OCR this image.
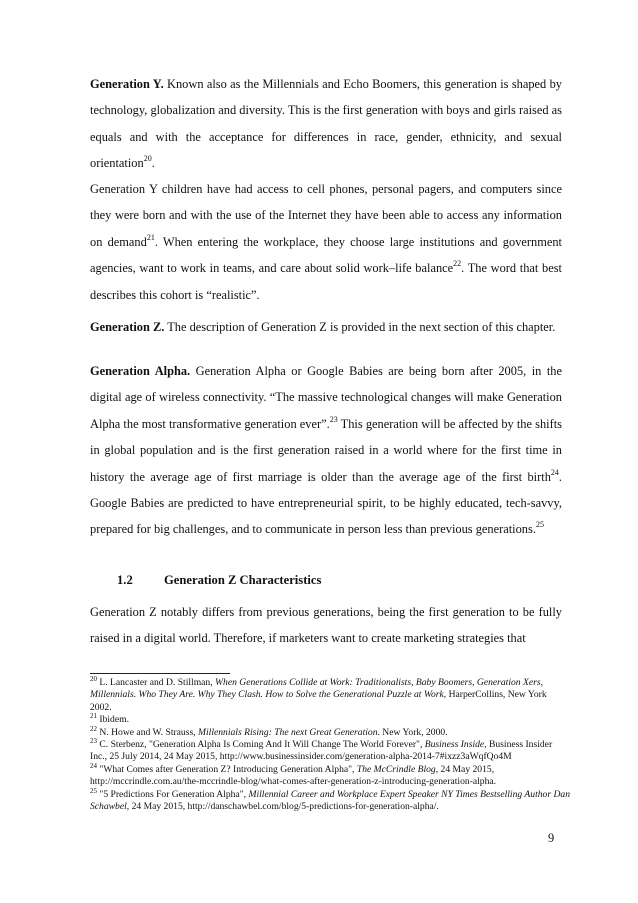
Generation Y. Known also as the Millennials and Echo Boomers, this generation is shaped by technology, globalization and diversity. This is the first generation with boys and girls raised as equals and with the acceptance for differences in race, gender, ethnicity, and sexual orientation$^{20}$.

Generation Y children have had access to cell phones, personal pagers, and computers since they were born and with the use of the Internet they have been able to access any information on demand$^{21}$. When entering the workplace, they choose large institutions and government agencies, want to work in teams, and care about solid work–life balance$^{22}$. The word that best describes this cohort is “realistic”.

Generation Z. The description of Generation Z is provided in the next section of this chapter.

Generation Alpha. Generation Alpha or Google Babies are being born after 2005, in the digital age of wireless connectivity. “The massive technological changes will make Generation Alpha the most transformative generation ever”.$^{23}$ This generation will be affected by the shifts in global population and is the first generation raised in a world where for the first time in history the average age of first marriage is older than the average age of the first birth$^{24}$. Google Babies are predicted to have entrepreneurial spirit, to be highly educated, tech-savvy, prepared for big challenges, and to communicate in person less than previous generations.$^{25}$

1.2 Generation Z Characteristics

Generation Z notably differs from previous generations, being the first generation to be fully raised in a digital world. Therefore, if marketers want to create marketing strategies that

$^{20}$ L. Lancaster and D. Stillman, When Generations Collide at Work: Traditionalists, Baby Boomers, Generation Xers, Millennials. Who They Are. Why They Clash. How to Solve the Generational Puzzle at Work, HarperCollins, New York 2002.

$^{21}$ Ibidem.

$^{22}$ N. Howe and W. Strauss, Millennials Rising: The next Great Generation. New York, 2000.

$^{23}$ C. Sterbenz, "Generation Alpha Is Coming And It Will Change The World Forever", Business Inside, Business Insider Inc., 25 July 2014, 24 May 2015, http://www.businessinsider.com/generation-alpha-2014-7#ixzz3aWqfQo4M

$^{24}$ "What Comes after Generation Z? Introducing Generation Alpha", The McCrindle Blog, 24 May 2015, http://mccrindle.com.au/the-mccrindle-blog/what-comes-after-generation-z-introducing-generation-alpha.

$^{25}$ "5 Predictions For Generation Alpha", Millennial Career and Workplace Expert Speaker NY Times Bestselling Author Dan Schawbel, 24 May 2015, http://danschawbel.com/blog/5-predictions-for-generation-alpha/.

9
